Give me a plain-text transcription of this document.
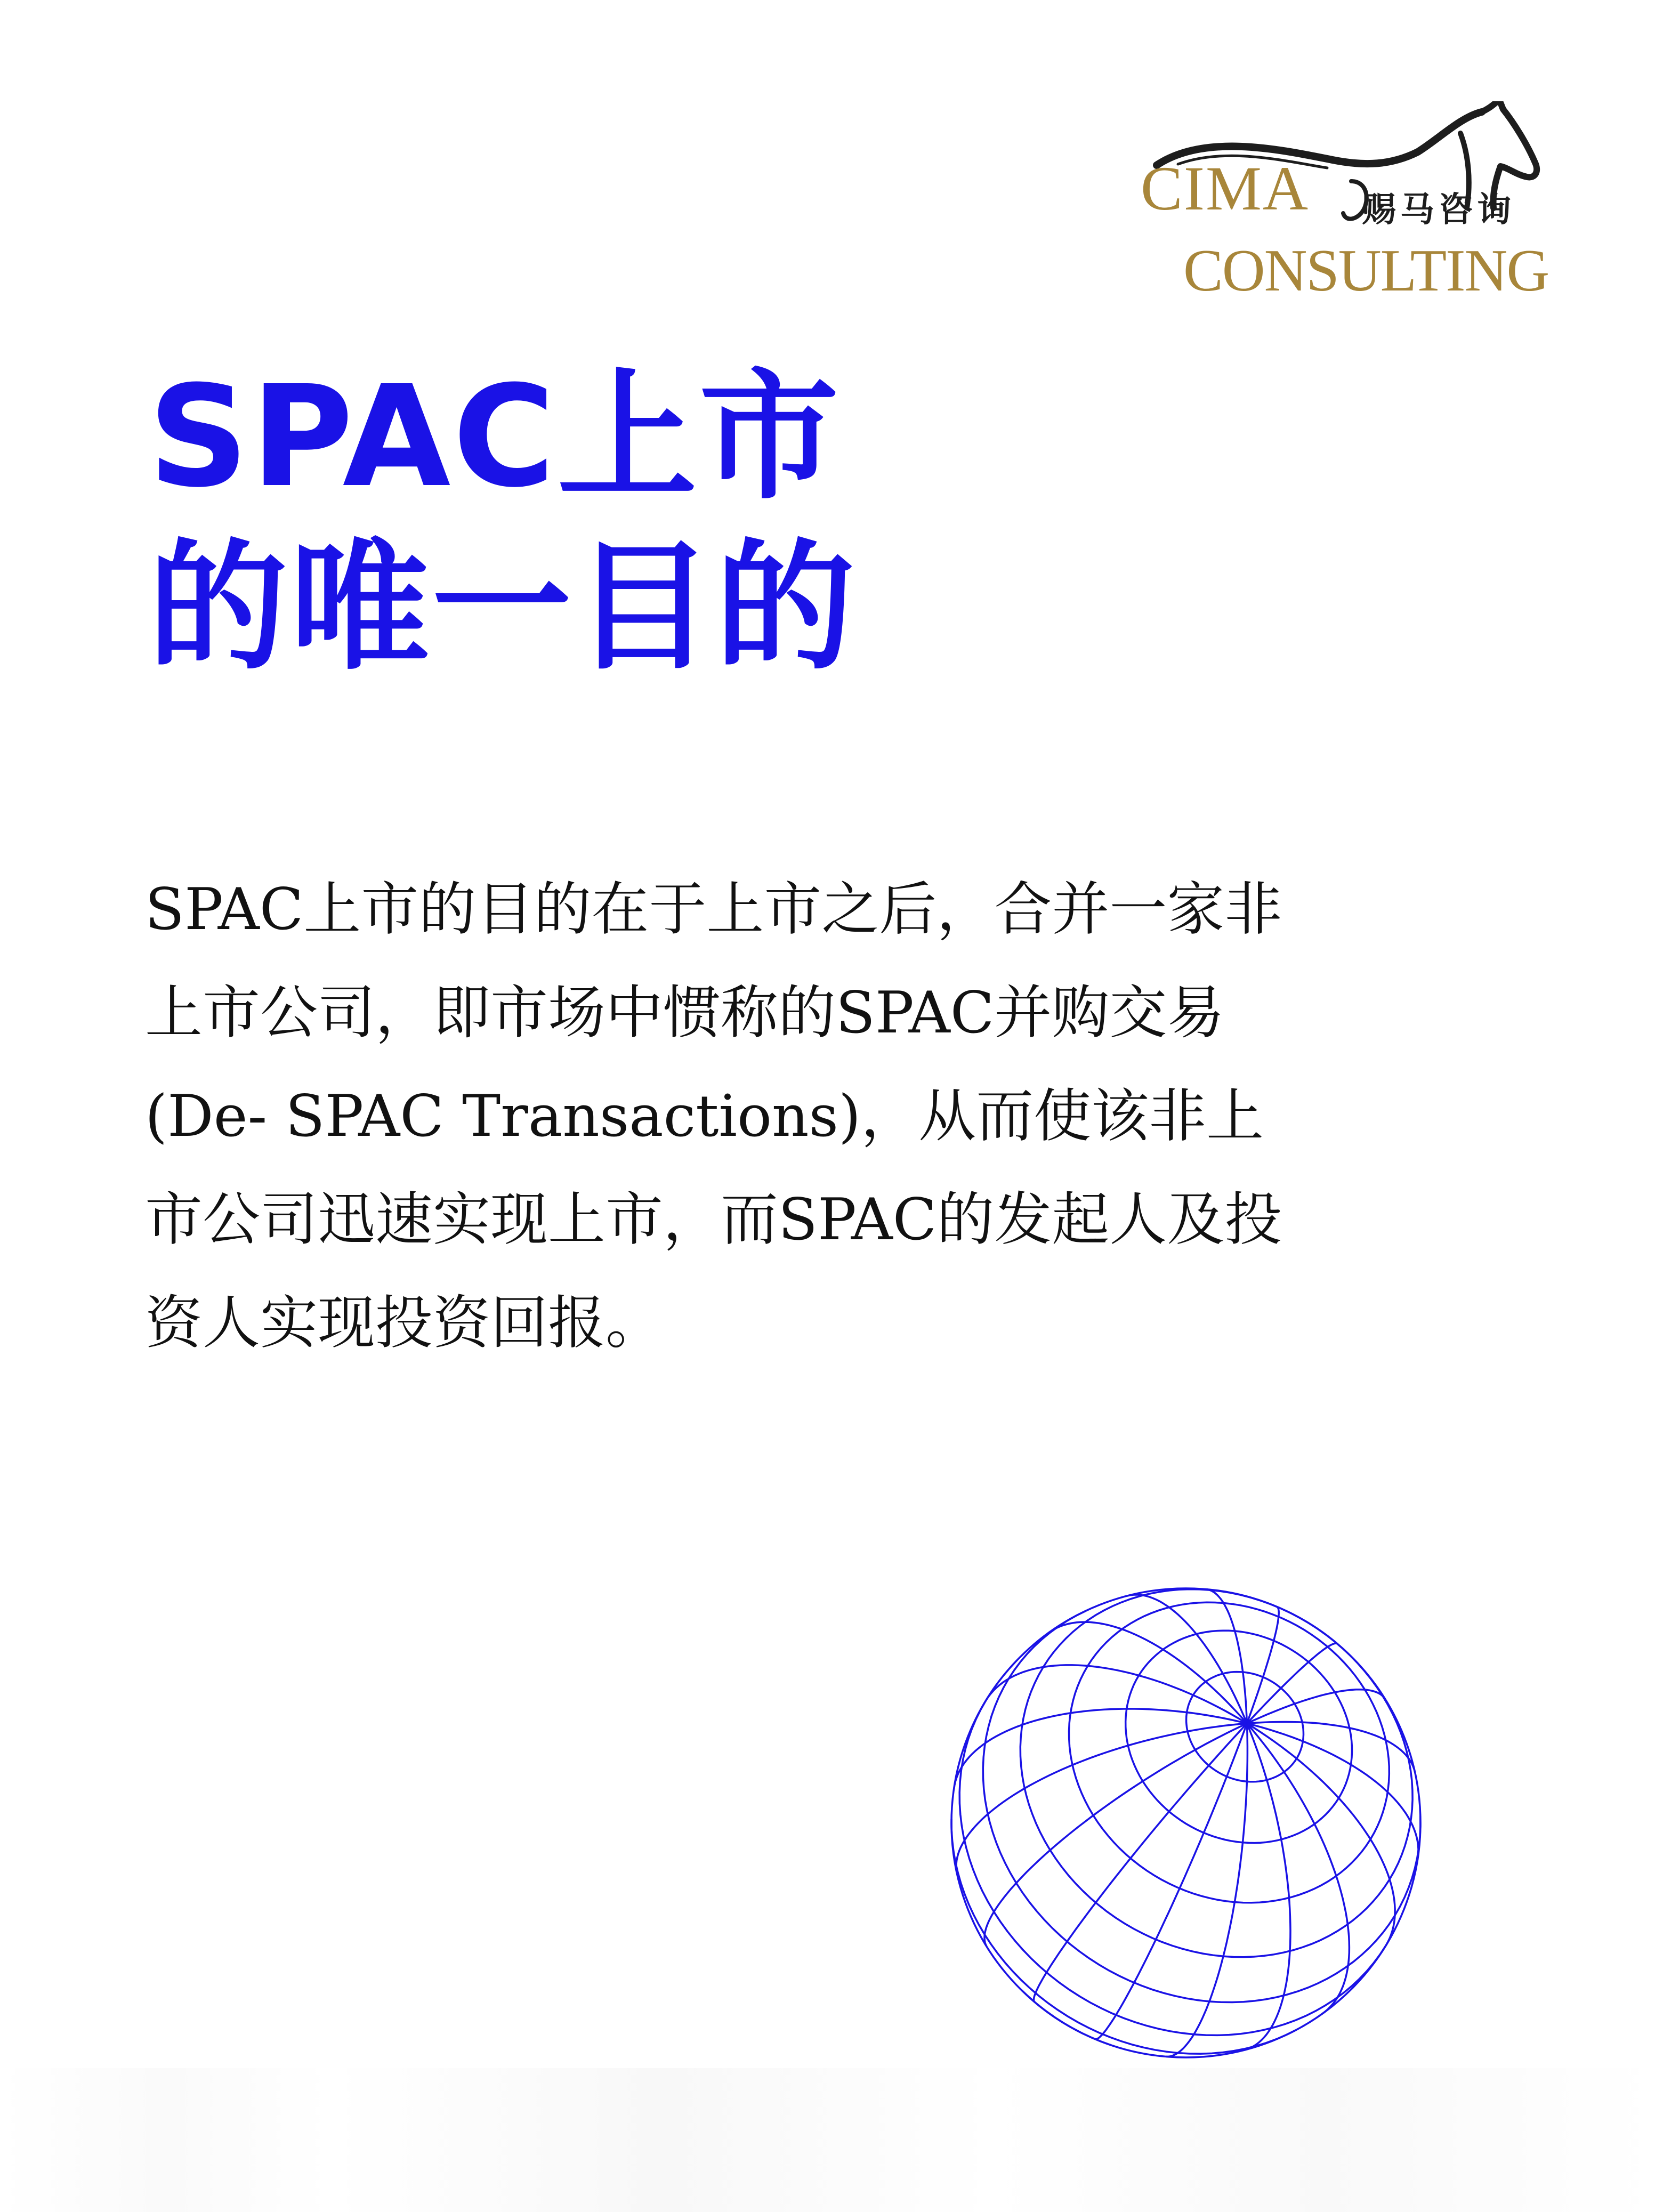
CIMA 赐马咨询
CONSULTING
SPAC上市
的唯一目的
SPAC上市的目的在于上市之后，合并一家非
上市公司，即市场中惯称的SPAC并购交易
(De- SPAC Transactions)，从而使该非上
市公司迅速实现上市，而SPAC的发起人及投
资人实现投资回报。
